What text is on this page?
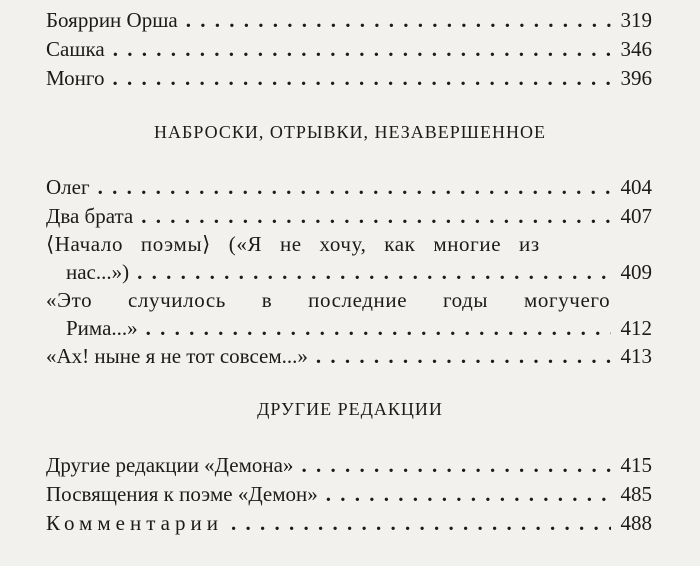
Бояррин Орша . . .	319
Сашка . . .	346
Монго . . .	396
НАБРОСКИ, ОТРЫВКИ, НЕЗАВЕРШЕННОЕ
Олег . . .	404
Два брата . . .	407
⟨Начало поэмы⟩ («Я не хочу, как многие из
нас...») . . .	409
«Это случилось в последние годы могучего
Рима...» . . .	412
«Ах! ныне я не тот совсем...» . . .	413
ДРУГИЕ РЕДАКЦИИ
Другие редакции «Демона» . . .	415
Посвящения к поэме «Демон» . . .	485
Комментарии . . .	488
